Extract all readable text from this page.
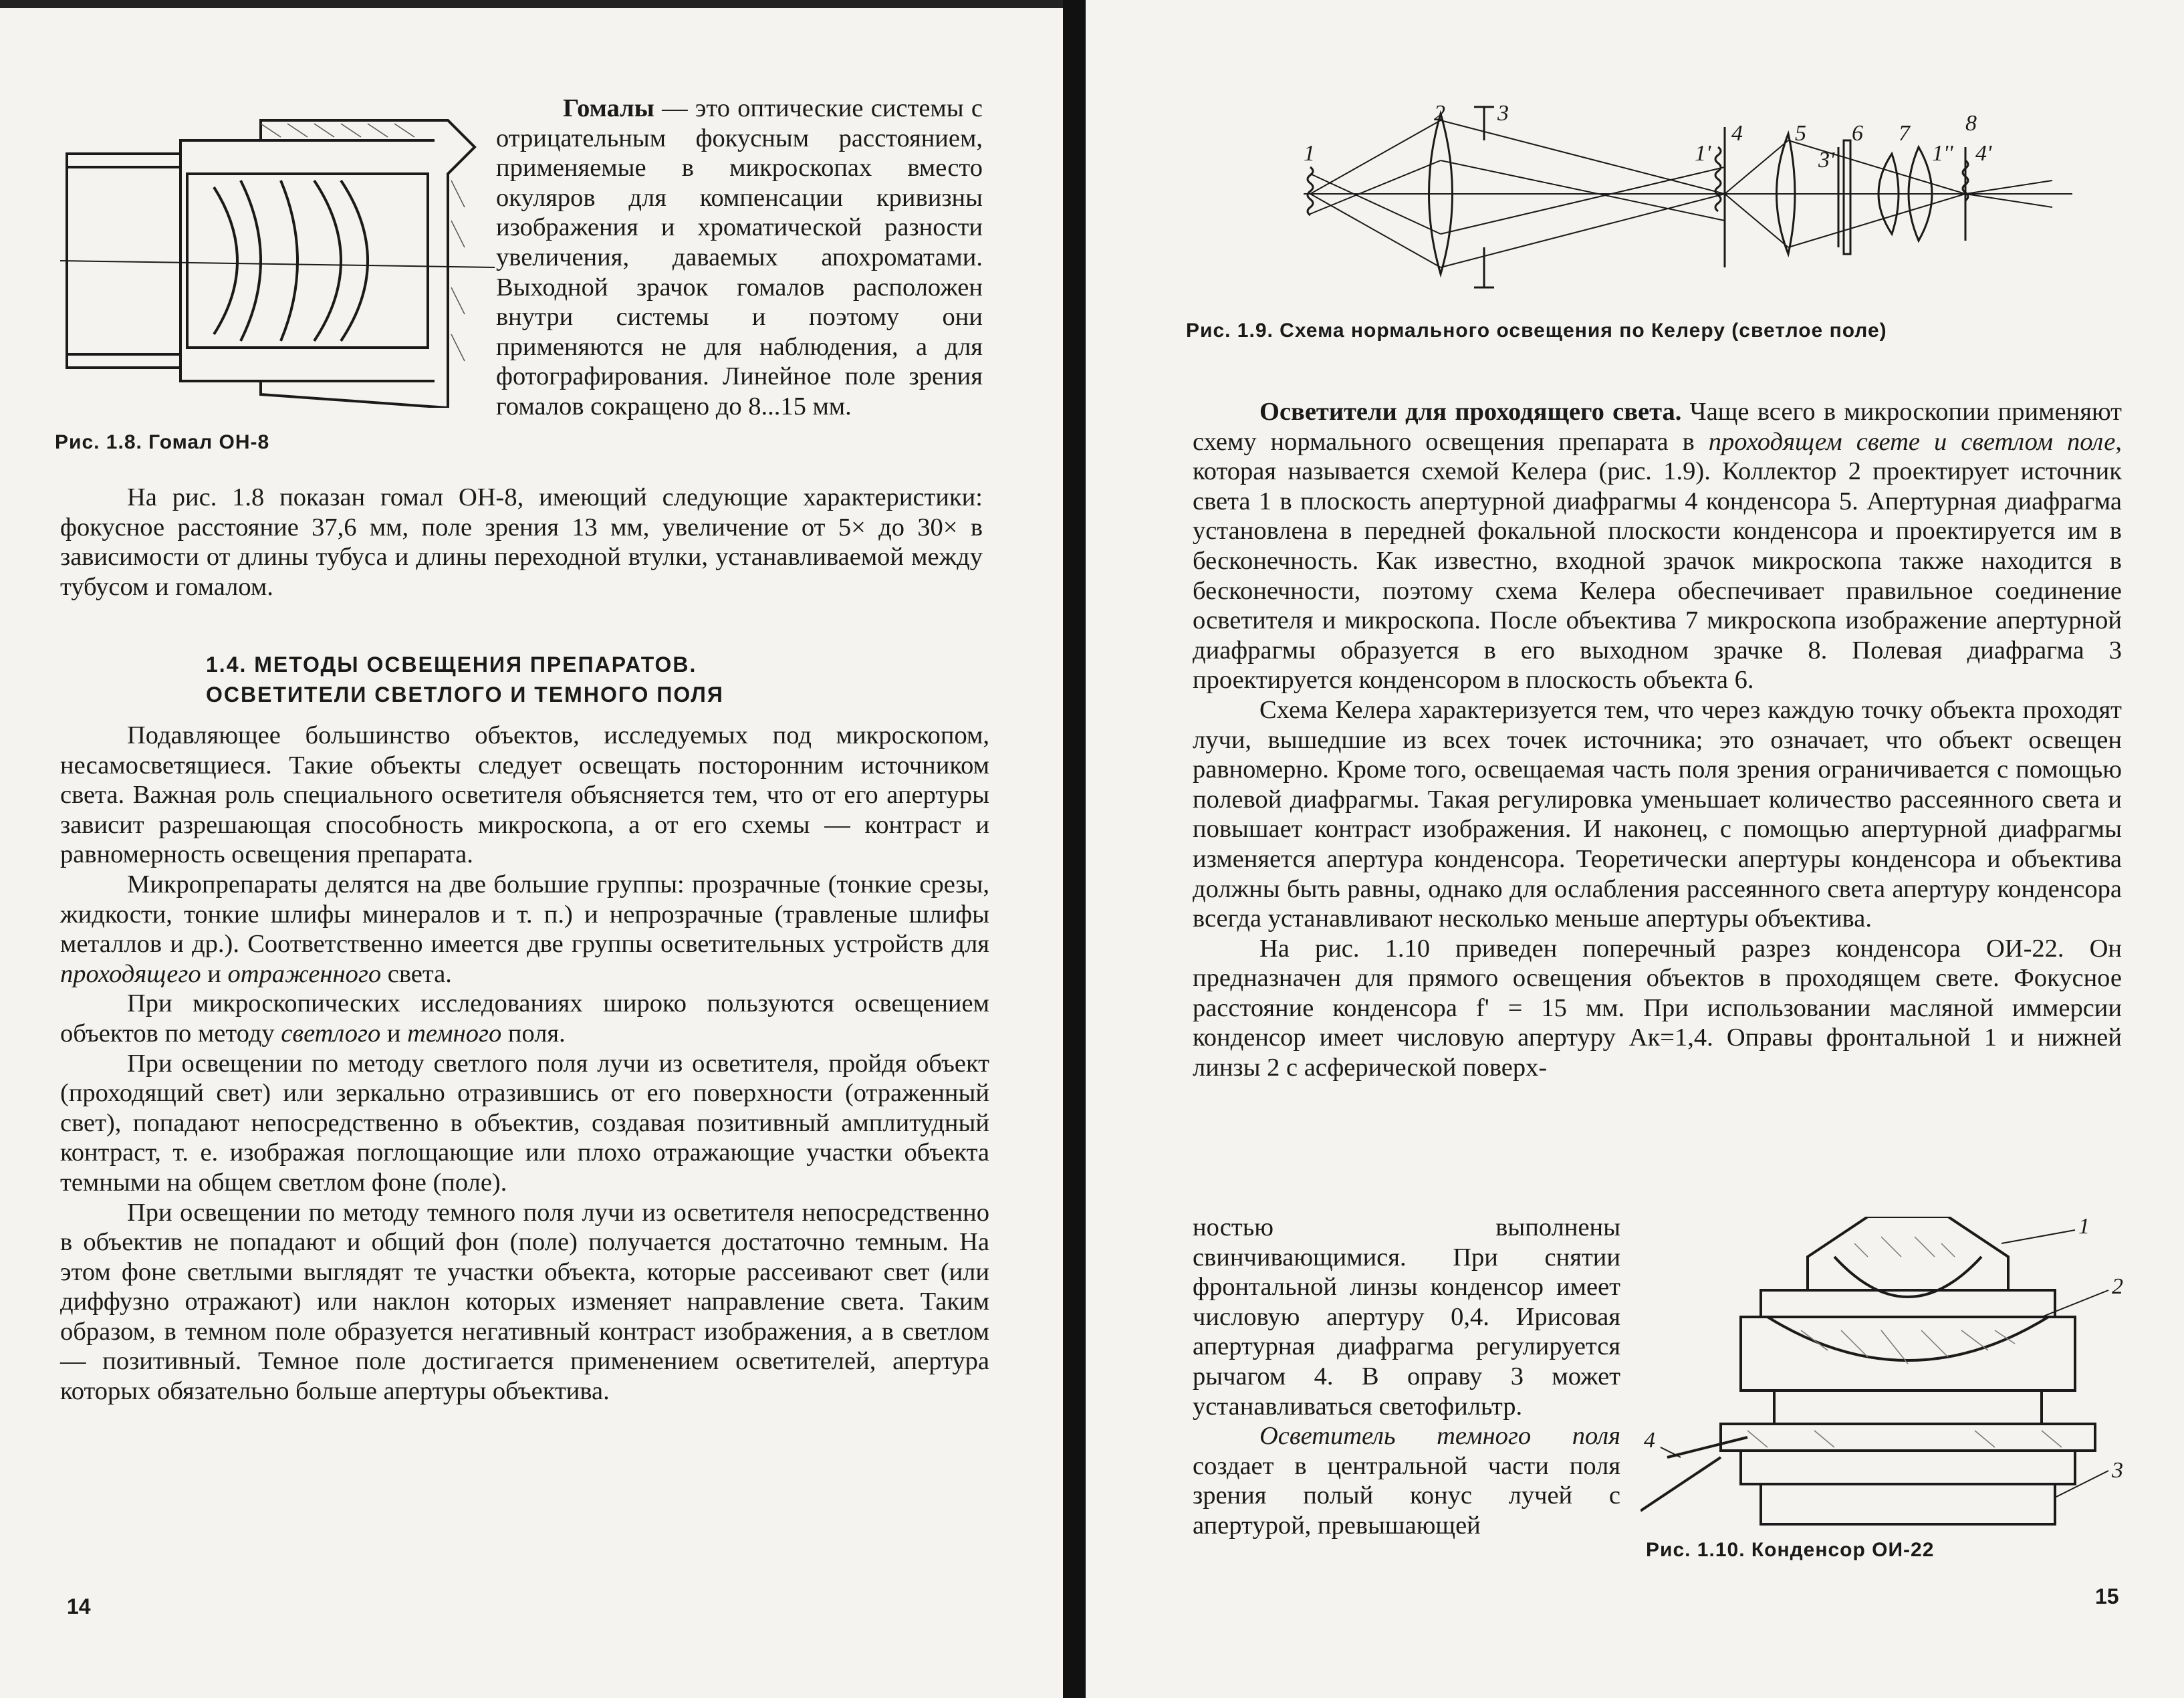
Рис. 1.8. Гомал ОН-8

Гомалы — это оптические системы с отрицательным фокусным расстоянием, применяемые в микроскопах вместо окуляров для компенсации кривизны изображения и хроматической разности увеличения, даваемых апохроматами. Выходной зрачок гомалов расположен внутри системы и поэтому они применяются не для наблюдения, а для фотографирования. Линейное поле зрения гомалов сокращено до 8...15 мм.

На рис. 1.8 показан гомал ОН-8, имеющий следующие характеристики: фокусное расстояние 37,6 мм, поле зрения 13 мм, увеличение от 5× до 30× в зависимости от длины тубуса и длины переходной втулки, устанавливаемой между тубусом и гомалом.

1.4. МЕТОДЫ ОСВЕЩЕНИЯ ПРЕПАРАТОВ.
ОСВЕТИТЕЛИ СВЕТЛОГО И ТЕМНОГО ПОЛЯ

Подавляющее большинство объектов, исследуемых под микроскопом, несамосветящиеся. Такие объекты следует освещать посторонним источником света. Важная роль специального осветителя объясняется тем, что от его апертуры зависит разрешающая способность микроскопа, а от его схемы — контраст и равномерность освещения препарата.

Микропрепараты делятся на две большие группы: прозрачные (тонкие срезы, жидкости, тонкие шлифы минералов и т. п.) и непрозрачные (травленые шлифы металлов и др.). Соответственно имеется две группы осветительных устройств для проходящего и отраженного света.

При микроскопических исследованиях широко пользуются освещением объектов по методу светлого и темного поля.

При освещении по методу светлого поля лучи из осветителя, пройдя объект (проходящий свет) или зеркально отразившись от его поверхности (отраженный свет), попадают непосредственно в объектив, создавая позитивный амплитудный контраст, т. е. изображая поглощающие или плохо отражающие участки объекта темными на общем светлом фоне (поле).

При освещении по методу темного поля лучи из осветителя непосредственно в объектив не попадают и общий фон (поле) получается достаточно темным. На этом фоне светлыми выглядят те участки объекта, которые рассеивают свет (или диффузно отражают) или наклон которых изменяет направление света. Таким образом, в темном поле образуется негативный контраст изображения, а в светлом — позитивный. Темное поле достигается применением осветителей, апертура которых обязательно больше апертуры объектива.

14
1
2 3
1'
4 5
3'
6 7 8
1'' 4'
Рис. 1.9. Схема нормального освещения по Келеру (светлое поле)

Осветители для проходящего света. Чаще всего в микроскопии применяют схему нормального освещения препарата в проходящем свете и светлом поле, которая называется схемой Келера (рис. 1.9). Коллектор 2 проектирует источник света 1 в плоскость апертурной диафрагмы 4 конденсора 5. Апертурная диафрагма установлена в передней фокальной плоскости конденсора и проектируется им в бесконечность. Как известно, входной зрачок микроскопа также находится в бесконечности, поэтому схема Келера обеспечивает правильное соединение осветителя и микроскопа. После объектива 7 микроскопа изображение апертурной диафрагмы образуется в его выходном зрачке 8. Полевая диафрагма 3 проектируется конденсором в плоскость объекта 6.

Схема Келера характеризуется тем, что через каждую точку объекта проходят лучи, вышедшие из всех точек источника; это означает, что объект освещен равномерно. Кроме того, освещаемая часть поля зрения ограничивается с помощью полевой диафрагмы. Такая регулировка уменьшает количество рассеянного света и повышает контраст изображения. И наконец, с помощью апертурной диафрагмы изменяется апертура конденсора. Теоретически апертуры конденсора и объектива должны быть равны, однако для ослабления рассеянного света апертуру конденсора всегда устанавливают несколько меньше апертуры объектива.

На рис. 1.10 приведен поперечный разрез конденсора ОИ-22. Он предназначен для прямого освещения объектов в проходящем свете. Фокусное расстояние конденсора f' = 15 мм. При использовании масляной иммерсии конденсор имеет числовую апертуру Aк=1,4. Оправы фронтальной 1 и нижней линзы 2 с асферической поверх-

ностью выполнены свинчивающимися. При снятии фронтальной линзы конденсор имеет числовую апертуру 0,4. Ирисовая апертурная диафрагма регулируется рычагом 4. В оправу 3 может устанавливаться светофильтр.

Осветитель темного поля создает в центральной части поля зрения полый конус лучей с апертурой, превышающей

1
2
3
4
Рис. 1.10. Конденсор ОИ-22
15
